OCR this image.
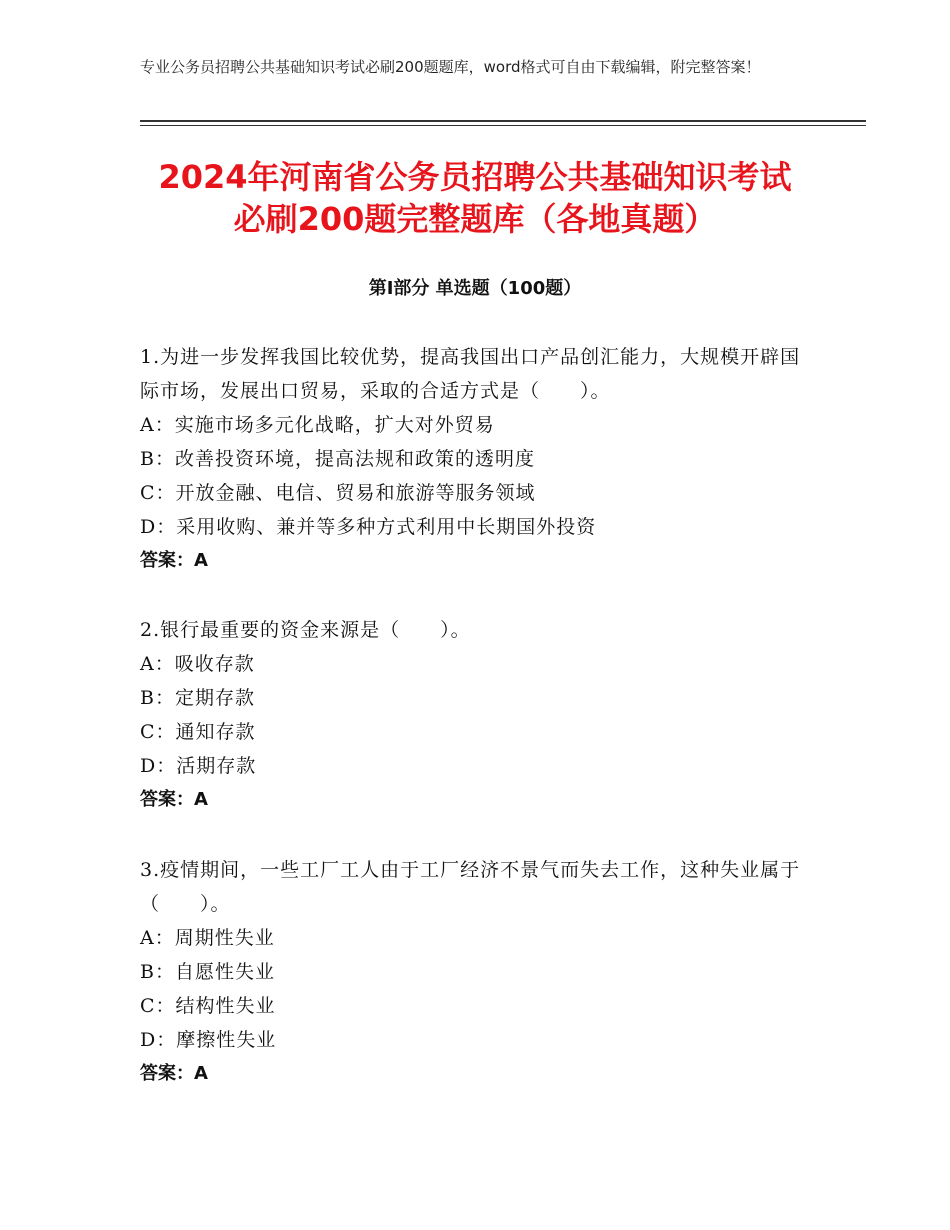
专业公务员招聘公共基础知识考试必刷200题题库，word格式可自由下载编辑，附完整答案！
2024年河南省公务员招聘公共基础知识考试
必刷200题完整题库（各地真题）
第Ⅰ部分 单选题（100题）
1.为进一步发挥我国比较优势，提高我国出口产品创汇能力，大规模开辟国际市场，发展出口贸易，采取的合适方式是（　　）。
A：实施市场多元化战略，扩大对外贸易
B：改善投资环境，提高法规和政策的透明度
C：开放金融、电信、贸易和旅游等服务领域
D：采用收购、兼并等多种方式利用中长期国外投资
答案：A
2.银行最重要的资金来源是（　　）。
A：吸收存款
B：定期存款
C：通知存款
D：活期存款
答案：A
3.疫情期间，一些工厂工人由于工厂经济不景气而失去工作，这种失业属于（　　）。
A：周期性失业
B：自愿性失业
C：结构性失业
D：摩擦性失业
答案：A
